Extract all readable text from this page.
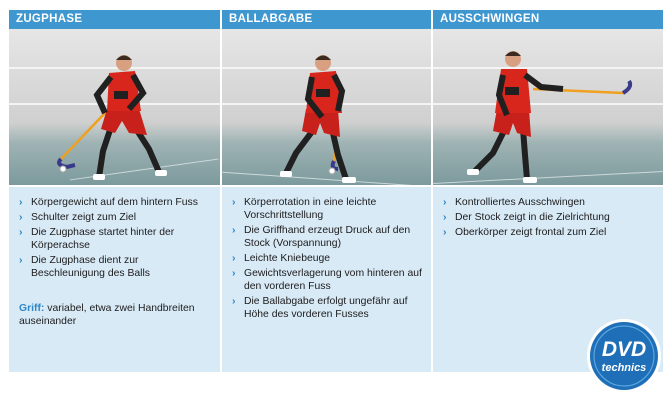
ZUGPHASE
› Körpergewicht auf dem hintern Fuss
› Schulter zeigt zum Ziel
› Die Zugphase startet hinter der Körperachse
› Die Zugphase dient zur Beschleunigung des Balls
Griff: variabel, etwa zwei Handbreiten auseinander
BALLABGABE
› Körperrotation in eine leichte Vorschrittstellung
› Die Griffhand erzeugt Druck auf den Stock (Vorspannung)
› Leichte Kniebeuge
› Gewichtsverlagerung vom hinteren auf den vorderen Fuss
› Die Ballabgabe erfolgt ungefähr auf Höhe des vorderen Fusses
AUSSCHWINGEN
› Kontrolliertes Ausschwingen
› Der Stock zeigt in die Zielrichtung
› Oberkörper zeigt frontal zum Ziel
DVD
technics
